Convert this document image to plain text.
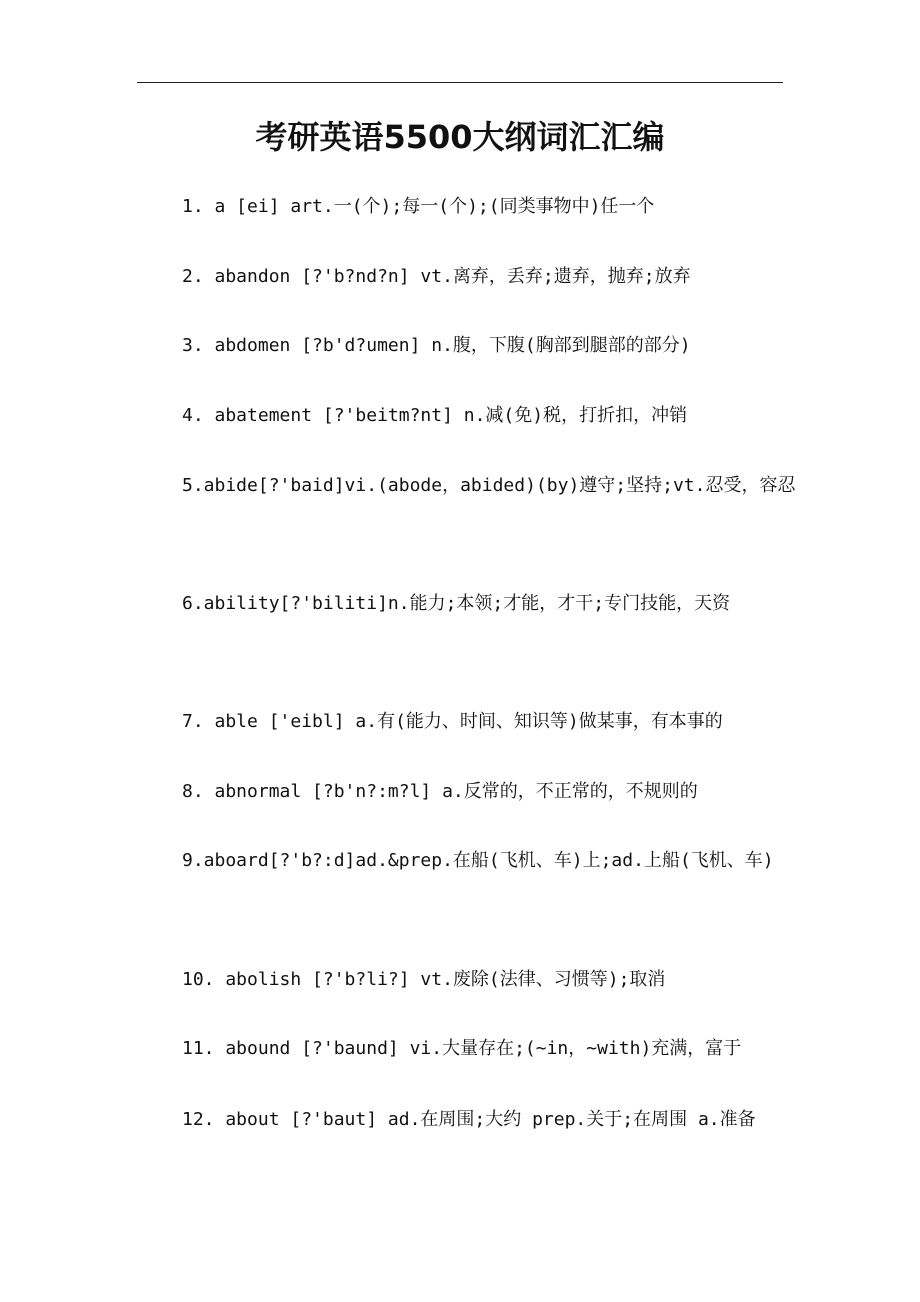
考研英语5500大纲词汇汇编
1. a [ei] art.一(个);每一(个);(同类事物中)任一个
2. abandon [?'b?nd?n] vt.离弃，丢弃;遗弃，抛弃;放弃
3. abdomen [?b'd?umen] n.腹，下腹(胸部到腿部的部分)
4. abatement [?'beitm?nt] n.减(免)税，打折扣，冲销
5.abide[?'baid]vi.(abode，abided)(by)遵守;坚持;vt.忍受，容忍
6.ability[?'biliti]n.能力;本领;才能，才干;专门技能，天资
7. able ['eibl] a.有(能力、时间、知识等)做某事，有本事的
8. abnormal [?b'n?:m?l] a.反常的，不正常的，不规则的
9.aboard[?'b?:d]ad.&prep.在船(飞机、车)上;ad.上船(飞机、车)
10. abolish [?'b?li?] vt.废除(法律、习惯等);取消
11. abound [?'baund] vi.大量存在;(~in，~with)充满，富于
12. about [?'baut] ad.在周围;大约 prep.关于;在周围 a.准备
